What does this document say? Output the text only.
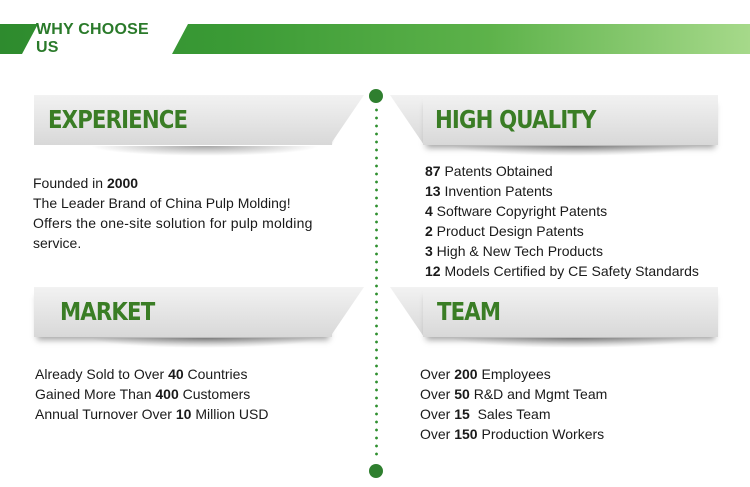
WHY CHOOSE US
EXPERIENCE
Founded in 2000
The Leader Brand of China Pulp Molding!
Offers the one-site solution for pulp molding
service.
HIGH QUALITY
87 Patents Obtained
13 Invention Patents
4 Software Copyright Patents
2 Product Design Patents
3 High & New Tech Products
12 Models Certified by CE Safety Standards
MARKET
Already Sold to Over 40 Countries
Gained More Than 400 Customers
Annual Turnover Over 10 Million USD
TEAM
Over 200 Employees
Over 50 R&D and Mgmt Team
Over 15  Sales Team
Over 150 Production Workers
